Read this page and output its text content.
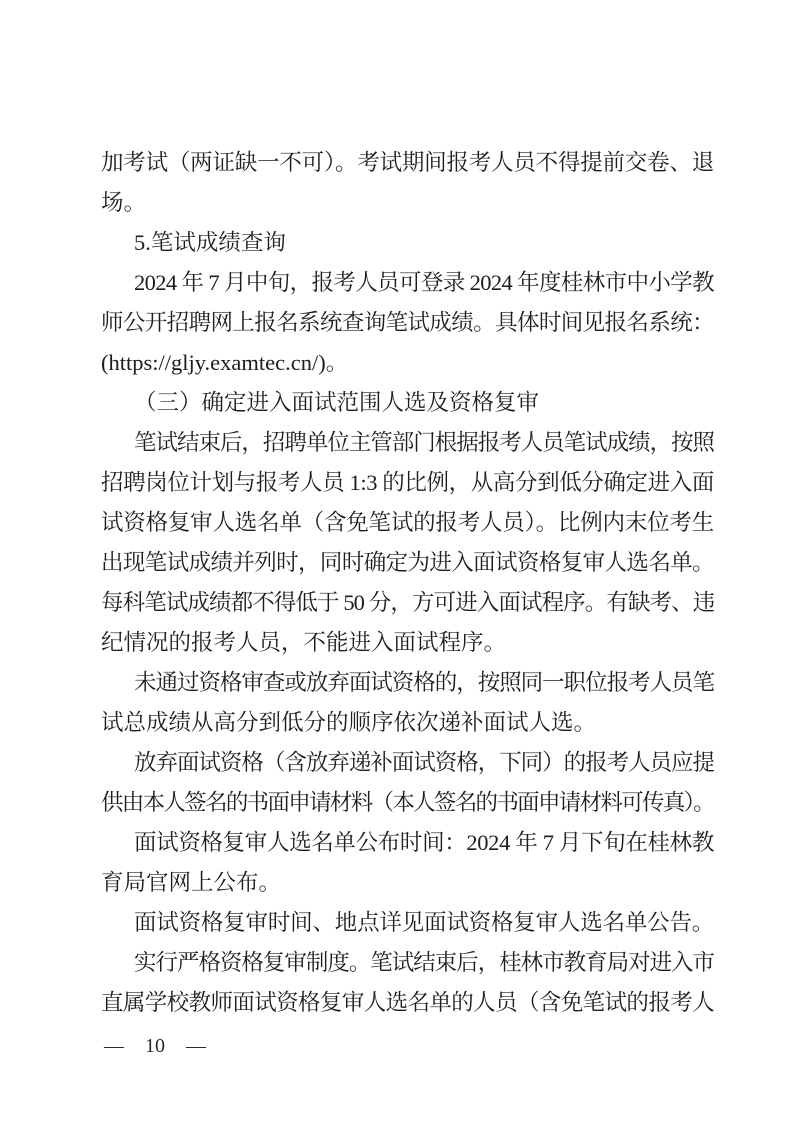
加考试（两证缺一不可）。考试期间报考人员不得提前交卷、退
场。
5.笔试成绩查询
2024 年 7 月中旬，报考人员可登录 2024 年度桂林市中小学教
师公开招聘网上报名系统查询笔试成绩。具体时间见报名系统：
(https://gljy.examtec.cn/)。
（三）确定进入面试范围人选及资格复审
笔试结束后，招聘单位主管部门根据报考人员笔试成绩，按照
招聘岗位计划与报考人员 1:3 的比例，从高分到低分确定进入面
试资格复审人选名单（含免笔试的报考人员）。比例内末位考生
出现笔试成绩并列时，同时确定为进入面试资格复审人选名单。
每科笔试成绩都不得低于 50 分，方可进入面试程序。有缺考、违
纪情况的报考人员，不能进入面试程序。
未通过资格审查或放弃面试资格的，按照同一职位报考人员笔
试总成绩从高分到低分的顺序依次递补面试人选。
放弃面试资格（含放弃递补面试资格，下同）的报考人员应提
供由本人签名的书面申请材料（本人签名的书面申请材料可传真）。
面试资格复审人选名单公布时间：2024 年 7 月下旬在桂林教
育局官网上公布。
面试资格复审时间、地点详见面试资格复审人选名单公告。
实行严格资格复审制度。笔试结束后，桂林市教育局对进入市
直属学校教师面试资格复审人选名单的人员（含免笔试的报考人
— 10 —
